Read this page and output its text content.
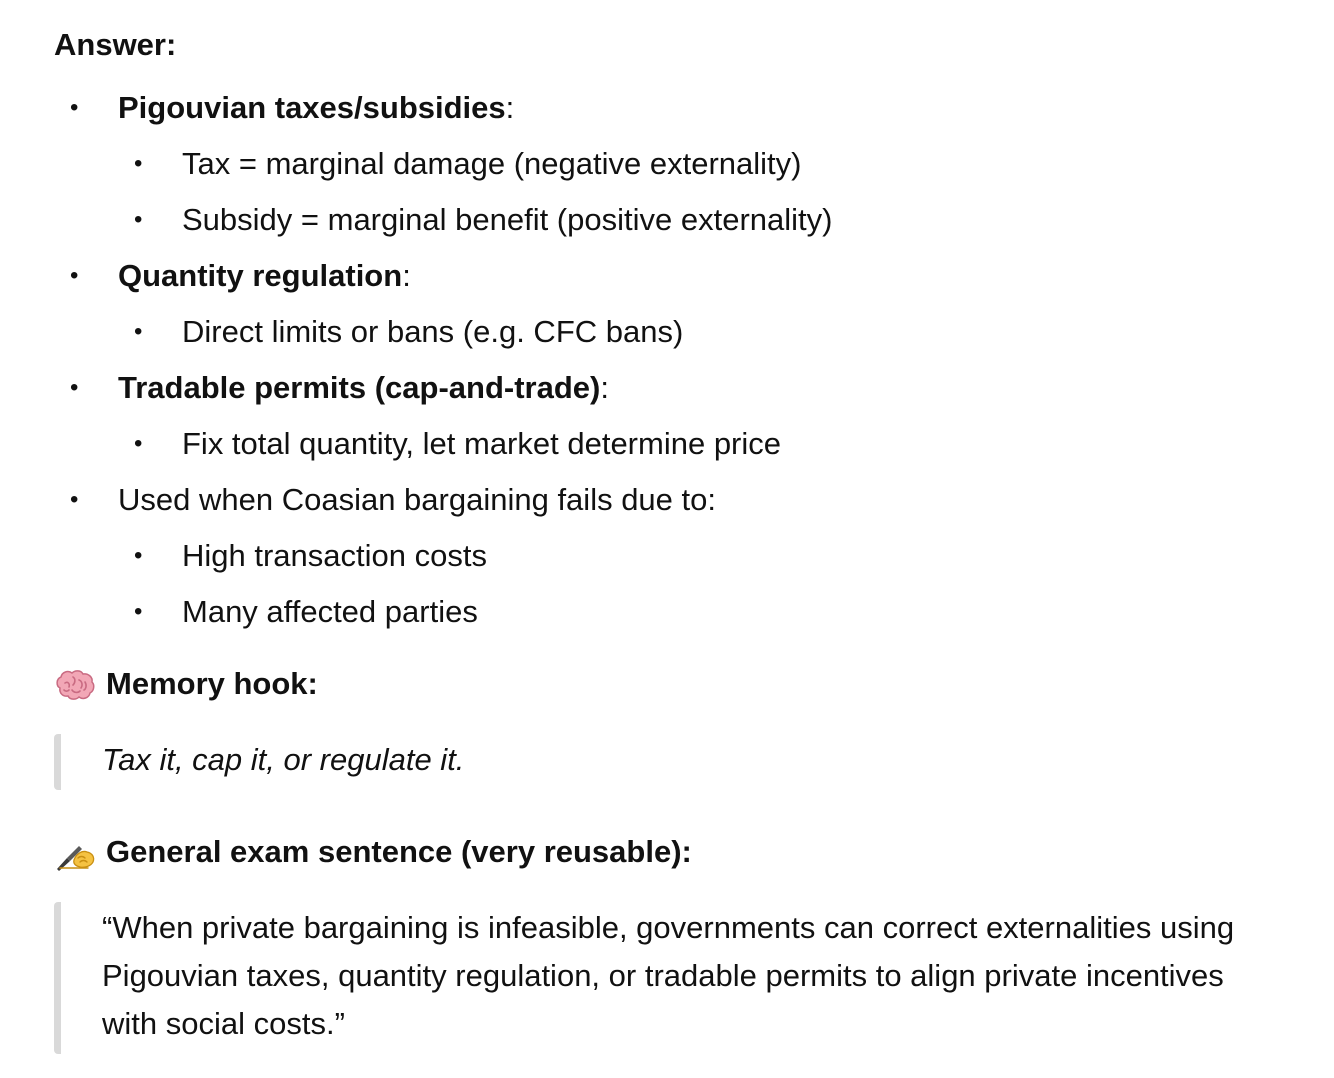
Answer:
• Pigouvian taxes/subsidies:
• Tax = marginal damage (negative externality)
• Subsidy = marginal benefit (positive externality)
• Quantity regulation:
• Direct limits or bans (e.g. CFC bans)
• Tradable permits (cap-and-trade):
• Fix total quantity, let market determine price
• Used when Coasian bargaining fails due to:
• High transaction costs
• Many affected parties
Memory hook:
Tax it, cap it, or regulate it.
General exam sentence (very reusable):
“When private bargaining is infeasible, governments can correct externalities using
Pigouvian taxes, quantity regulation, or tradable permits to align private incentives
with social costs.”
